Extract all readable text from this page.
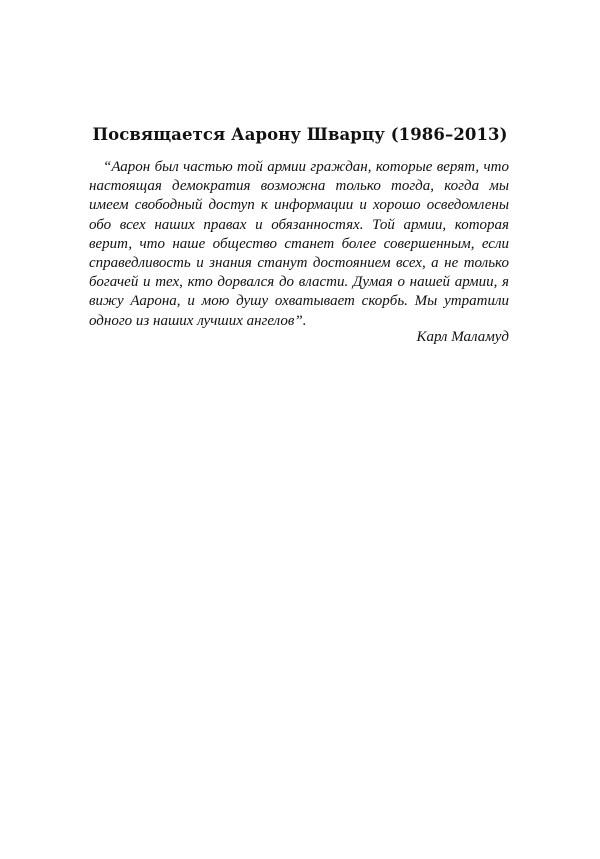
Посвящается Аарону Шварцу (1986–2013)

“Аарон был частью той армии граждан, которые верят, что настоящая демократия возможна только тогда, когда мы имеем свободный доступ к информации и хорошо осведомлены обо всех наших правах и обязанностях. Той армии, которая верит, что наше общество станет более совершенным, если справедливость и знания станут достоянием всех, а не только богачей и тех, кто дорвался до власти. Думая о нашей армии, я вижу Аарона, и мою душу охватывает скорбь. Мы утратили одного из наших лучших ангелов”.

Карл Маламуд
